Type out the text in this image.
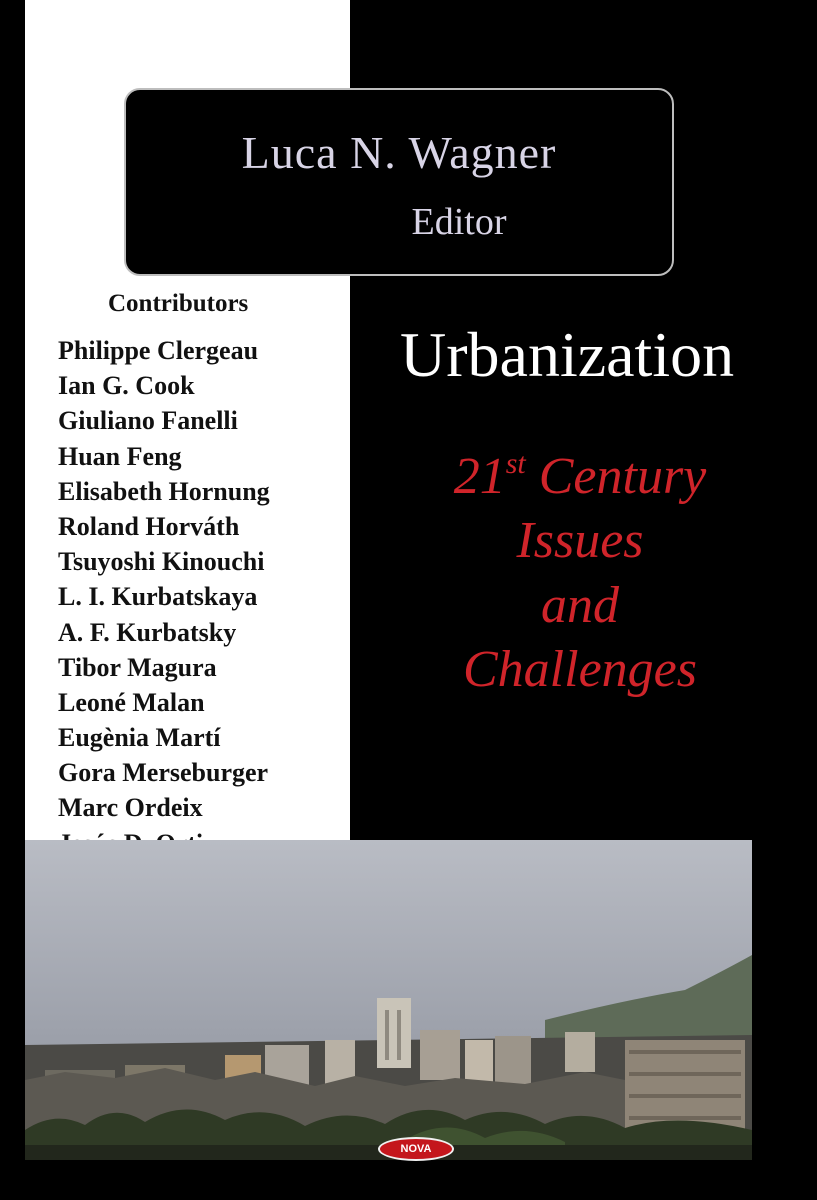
Luca N. Wagner
Editor
Contributors
Philippe Clergeau
Ian G. Cook
Giuliano Fanelli
Huan Feng
Elisabeth Hornung
Roland Horváth
Tsuyoshi Kinouchi
L. I. Kurbatskaya
A. F. Kurbatsky
Tibor Magura
Leoné Malan
Eugènia Martí
Gora Merseburger
Marc Ordeix
Urbanization
21st Century
Issues
and
Challenges
NOVA
